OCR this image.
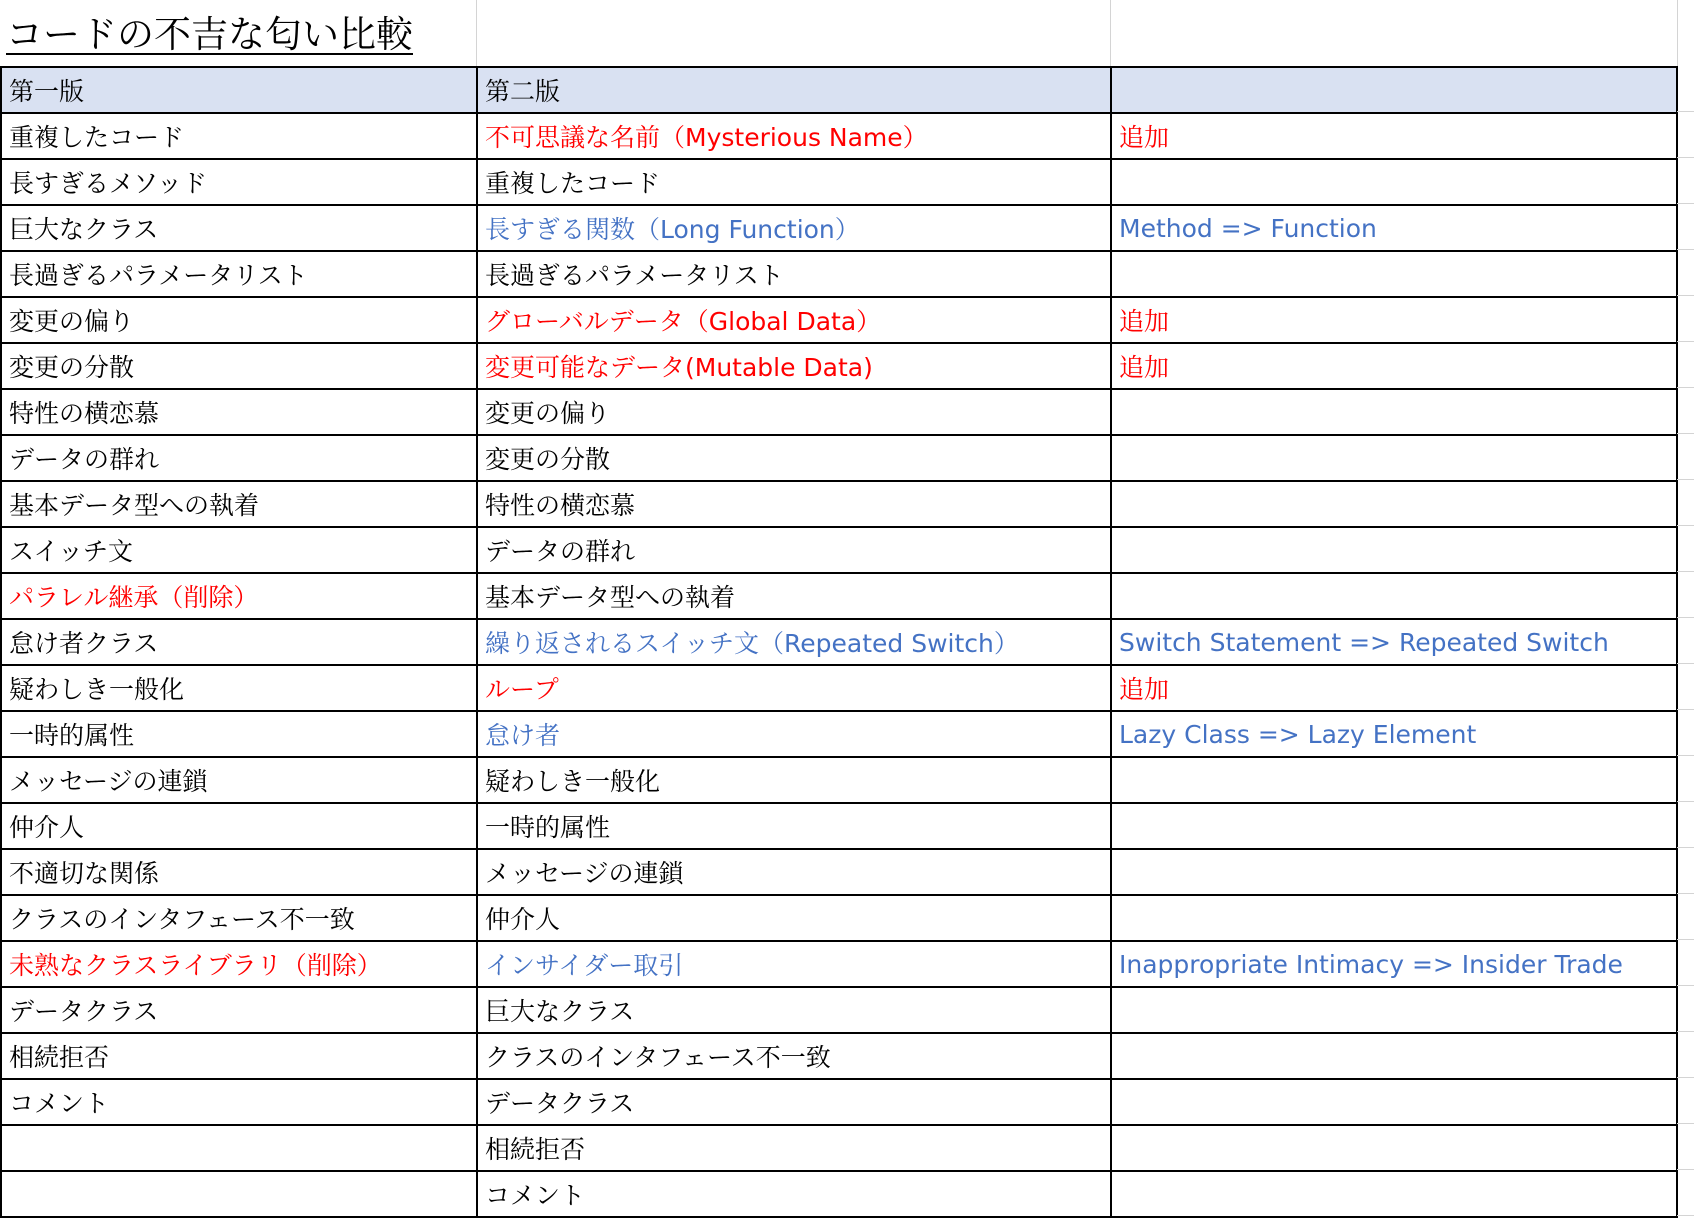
コードの不吉な匂い比較
第一版	第二版	
重複したコード	不可思議な名前（Mysterious Name）	追加
長すぎるメソッド	重複したコード	
巨大なクラス	長すぎる関数（Long Function）	Method => Function
長過ぎるパラメータリスト	長過ぎるパラメータリスト	
変更の偏り	グローバルデータ（Global Data）	追加
変更の分散	変更可能なデータ(Mutable Data)	追加
特性の横恋慕	変更の偏り	
データの群れ	変更の分散	
基本データ型への執着	特性の横恋慕	
スイッチ文	データの群れ	
パラレル継承（削除）	基本データ型への執着	
怠け者クラス	繰り返されるスイッチ文（Repeated Switch）	Switch Statement => Repeated Switch
疑わしき一般化	ループ	追加
一時的属性	怠け者	Lazy Class => Lazy Element
メッセージの連鎖	疑わしき一般化	
仲介人	一時的属性	
不適切な関係	メッセージの連鎖	
クラスのインタフェース不一致	仲介人	
未熟なクラスライブラリ（削除）	インサイダー取引	Inappropriate Intimacy => Insider Trade
データクラス	巨大なクラス	
相続拒否	クラスのインタフェース不一致	
コメント	データクラス	
	相続拒否	
	コメント	
